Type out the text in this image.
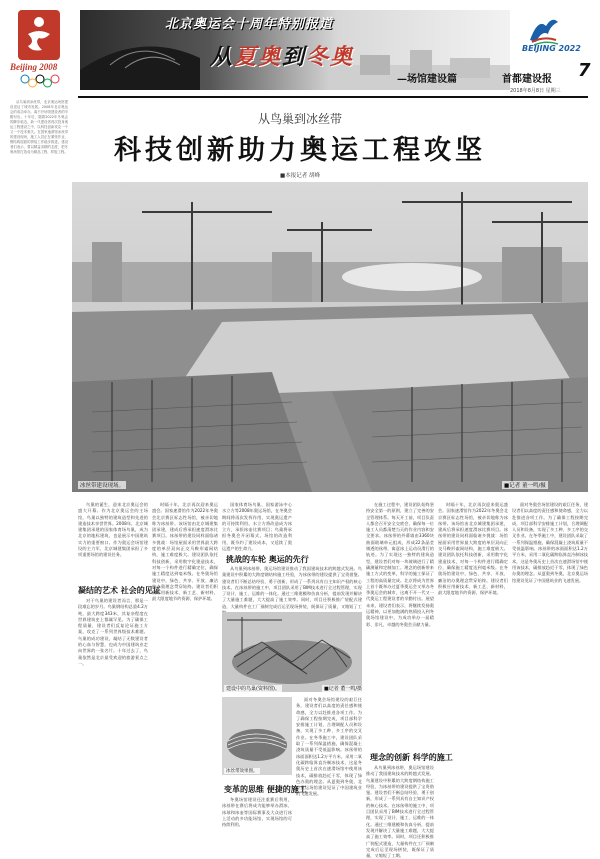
Beijing 2008
北京奥运会十周年特别报道
从夏奥到冬奥
—场馆建设篇
BEIJING 2022
首都建设报 7
2018年8月8日 星期三

从鸟巢到冰丝带，北京奥运场馆建设见证了城市发展。2008年北京奥运会的成功举办，离不开场馆建设者的辛勤付出。十年后，随着2022年冬奥会的脚步临近，新一代建设者再次投身奥运工程建设之中，以科技创新攻克一个又一个技术难关。在国家速滑馆冰丝带的建设现场，施工人员正在紧张作业，钢结构屋面的拼装工作稳步推进。建设者们表示，要以精益求精的态度，把冬奥场馆打造成为精品工程、样板工程。

从鸟巢到冰丝带
科技创新助力奥运工程攻坚
■本报记者 胡峰
冰丝带建设现场。	■记者 董一鸣/摄

鸟巢的诞生，迎来北京奥运会的盛大开幕。作为北京奥运会的主场馆，鸟巢以独特的建筑造型和先进的建造技术享誉世界。2008年，北京城建集团承建的国家体育场鸟巢，成为北京的地标建筑，也是展示中国建筑实力的重要窗口。作为奥运会场馆建设的主力军，北京城建集团承担了多项重要场馆的建设任务。

凝结的艺术 社会的见证

对于鸟巢的建设者而言，那是一段难忘的岁月。鸟巢钢结构总重4.2万吨，最大跨度343米，其复杂程度在世界建筑史上都属罕见。为了确保工程质量，建设者们反复论证施工方案，攻克了一系列世界级技术难题。鸟巢的成功建设，凝结了无数建设者的心血与智慧，也成为中国建筑业走向世界的一张名片。十年过去了，鸟巢依然是北京最受欢迎的旅游景点之一。

时隔十年，北京再次迎来奥运盛会。国家速滑馆作为2022年冬奥会北京赛区标志性场馆，被亲切地称为冰丝带。该场馆由北京城建集团承建，建成后将承担速度滑冰比赛项目。冰丝带的建设同样面临诸多挑战：场馆屋面采用世界最大跨度的单层双向正交马鞍形索网结构，施工难度极大。建设团队依托科技创新，采用数字化建造技术，对每一个构件进行精确定位，确保施工精度达到毫米级。在冬奥场馆建设中，绿色、共享、开放、廉洁的办奥理念贯穿始终。建设者们积极应用新技术、新工艺、新材料，最大限度地节约资源、保护环境。

国家体育场鸟巢、国家游泳中心水立方等2008年奥运场馆，在冬奥会期间将再次发挥作用，实现奥运遗产的可持续利用。水立方将改造成为冰立方，承担冰壶比赛项目；鸟巢将承担冬奥会开闭幕式。场馆的改造利用，既节约了建设成本，又延续了奥运遗产的生命力。

挑战的车轮 奥运的先行

从鸟巢到冰丝带，奥运场馆建设推动了我国建筑技术的跨越式发展。鸟巢建设中积累的大跨度钢结构施工经验，为冰丝带的建设提供了宝贵借鉴。建设者们不断总结经验、勇于创新，形成了一系列具有自主知识产权的核心技术。在冰丝带的施工中，项目团队采用了BIM技术进行全过程管理，实现了设计、施工、运维的一体化。通过三维建模和仿真分析，提前发现并解决了大量施工难题，大大提高了施工效率。同时，项目还积极推广装配式建造，大量构件在工厂预制完成后运至现场拼装，既保证了质量，又缩短了工

建设中的鸟巢(资料图)。	■记者 董一鸣/摄
冰丝带效果图。
变革的思维 便捷的施工

冬奥场馆建设还注重赛后利用，冰丝带在赛后将成为能够举办滑冰、冰球和冰壶等国际赛事及大众进行冰上活动的多功能场馆，实现场馆的可持续利用。

面对冬奥会场馆建设的艰巨任务，建设者们以高度的责任感和使命感，全力以赴推进各项工作。为了确保工程按期完成，项目部科学安排施工计划，合理调配人员和设备，实现了多工种、多工序的交叉作业。在冬季施工中，建设团队采取了一系列保温措施，确保混凝土浇筑质量不受低温影响。冰丝带的冰面面积达1.2万平方米，采用二氧化碳跨临界直冷制冰技术，这是冬奥历史上首次在速滑场馆中使用该技术，碳排放趋近于零，体现了绿色办奥的理念。从夏奥到冬奥，北京奥运场馆建设见证了中国建筑业的飞速发展。

在施工过程中，建设团队始终坚持安全第一的原则，建立了完善的安全管理体系。每天开工前，项目负责人都会召开安全交底会，确保每一位施工人员都清楚当天的作业内容和安全要求。冰丝带的外幕墙由3360块曲面玻璃单元组成，形成22条晶莹剔透的丝带，寓意冰上运动员滑行的轨迹。为了实现这一独特的建筑造型，建设者们对每一块玻璃进行了精确测量和定制加工。理念的创新带来施工方式的变革，科学的施工保证了工程的高质量完成。北京将成为世界上首个既举办过夏季奥运会又举办冬季奥运会的城市，这离不开一代又一代奥运工程建设者的辛勤付出。展望未来，建设者们表示，将继续发扬奥运精神，以更加饱满的热情投入到冬奥场馆建设中，为成功举办一届精彩、非凡、卓越的冬奥会贡献力量。

理念的创新 科学的施工

从鸟巢到冰丝带，奥运场馆建设推动了我国建筑技术的跨越式发展。鸟巢建设中积累的大跨度钢结构施工经验，为冰丝带的建设提供了宝贵借鉴。建设者们不断总结经验、勇于创新，形成了一系列具有自主知识产权的核心技术。在冰丝带的施工中，项目团队采用了BIM技术进行全过程管理，实现了设计、施工、运维的一体化。通过三维建模和仿真分析，提前发现并解决了大量施工难题，大大提高了施工效率。同时，项目还积极推广装配式建造，大量构件在工厂预制完成后运至现场拼装，既保证了质量，又缩短了工期。

时隔十年，北京再次迎来奥运盛会。国家速滑馆作为2022年冬奥会北京赛区标志性场馆，被亲切地称为冰丝带。该场馆由北京城建集团承建，建成后将承担速度滑冰比赛项目。冰丝带的建设同样面临诸多挑战：场馆屋面采用世界最大跨度的单层双向正交马鞍形索网结构，施工难度极大。建设团队依托科技创新，采用数字化建造技术，对每一个构件进行精确定位，确保施工精度达到毫米级。在冬奥场馆建设中，绿色、共享、开放、廉洁的办奥理念贯穿始终。建设者们积极应用新技术、新工艺、新材料，最大限度地节约资源、保护环境。

面对冬奥会场馆建设的艰巨任务，建设者们以高度的责任感和使命感，全力以赴推进各项工作。为了确保工程按期完成，项目部科学安排施工计划，合理调配人员和设备，实现了多工种、多工序的交叉作业。在冬季施工中，建设团队采取了一系列保温措施，确保混凝土浇筑质量不受低温影响。冰丝带的冰面面积达1.2万平方米，采用二氧化碳跨临界直冷制冰技术，这是冬奥历史上首次在速滑场馆中使用该技术，碳排放趋近于零，体现了绿色办奥的理念。从夏奥到冬奥，北京奥运场馆建设见证了中国建筑业的飞速发展。
